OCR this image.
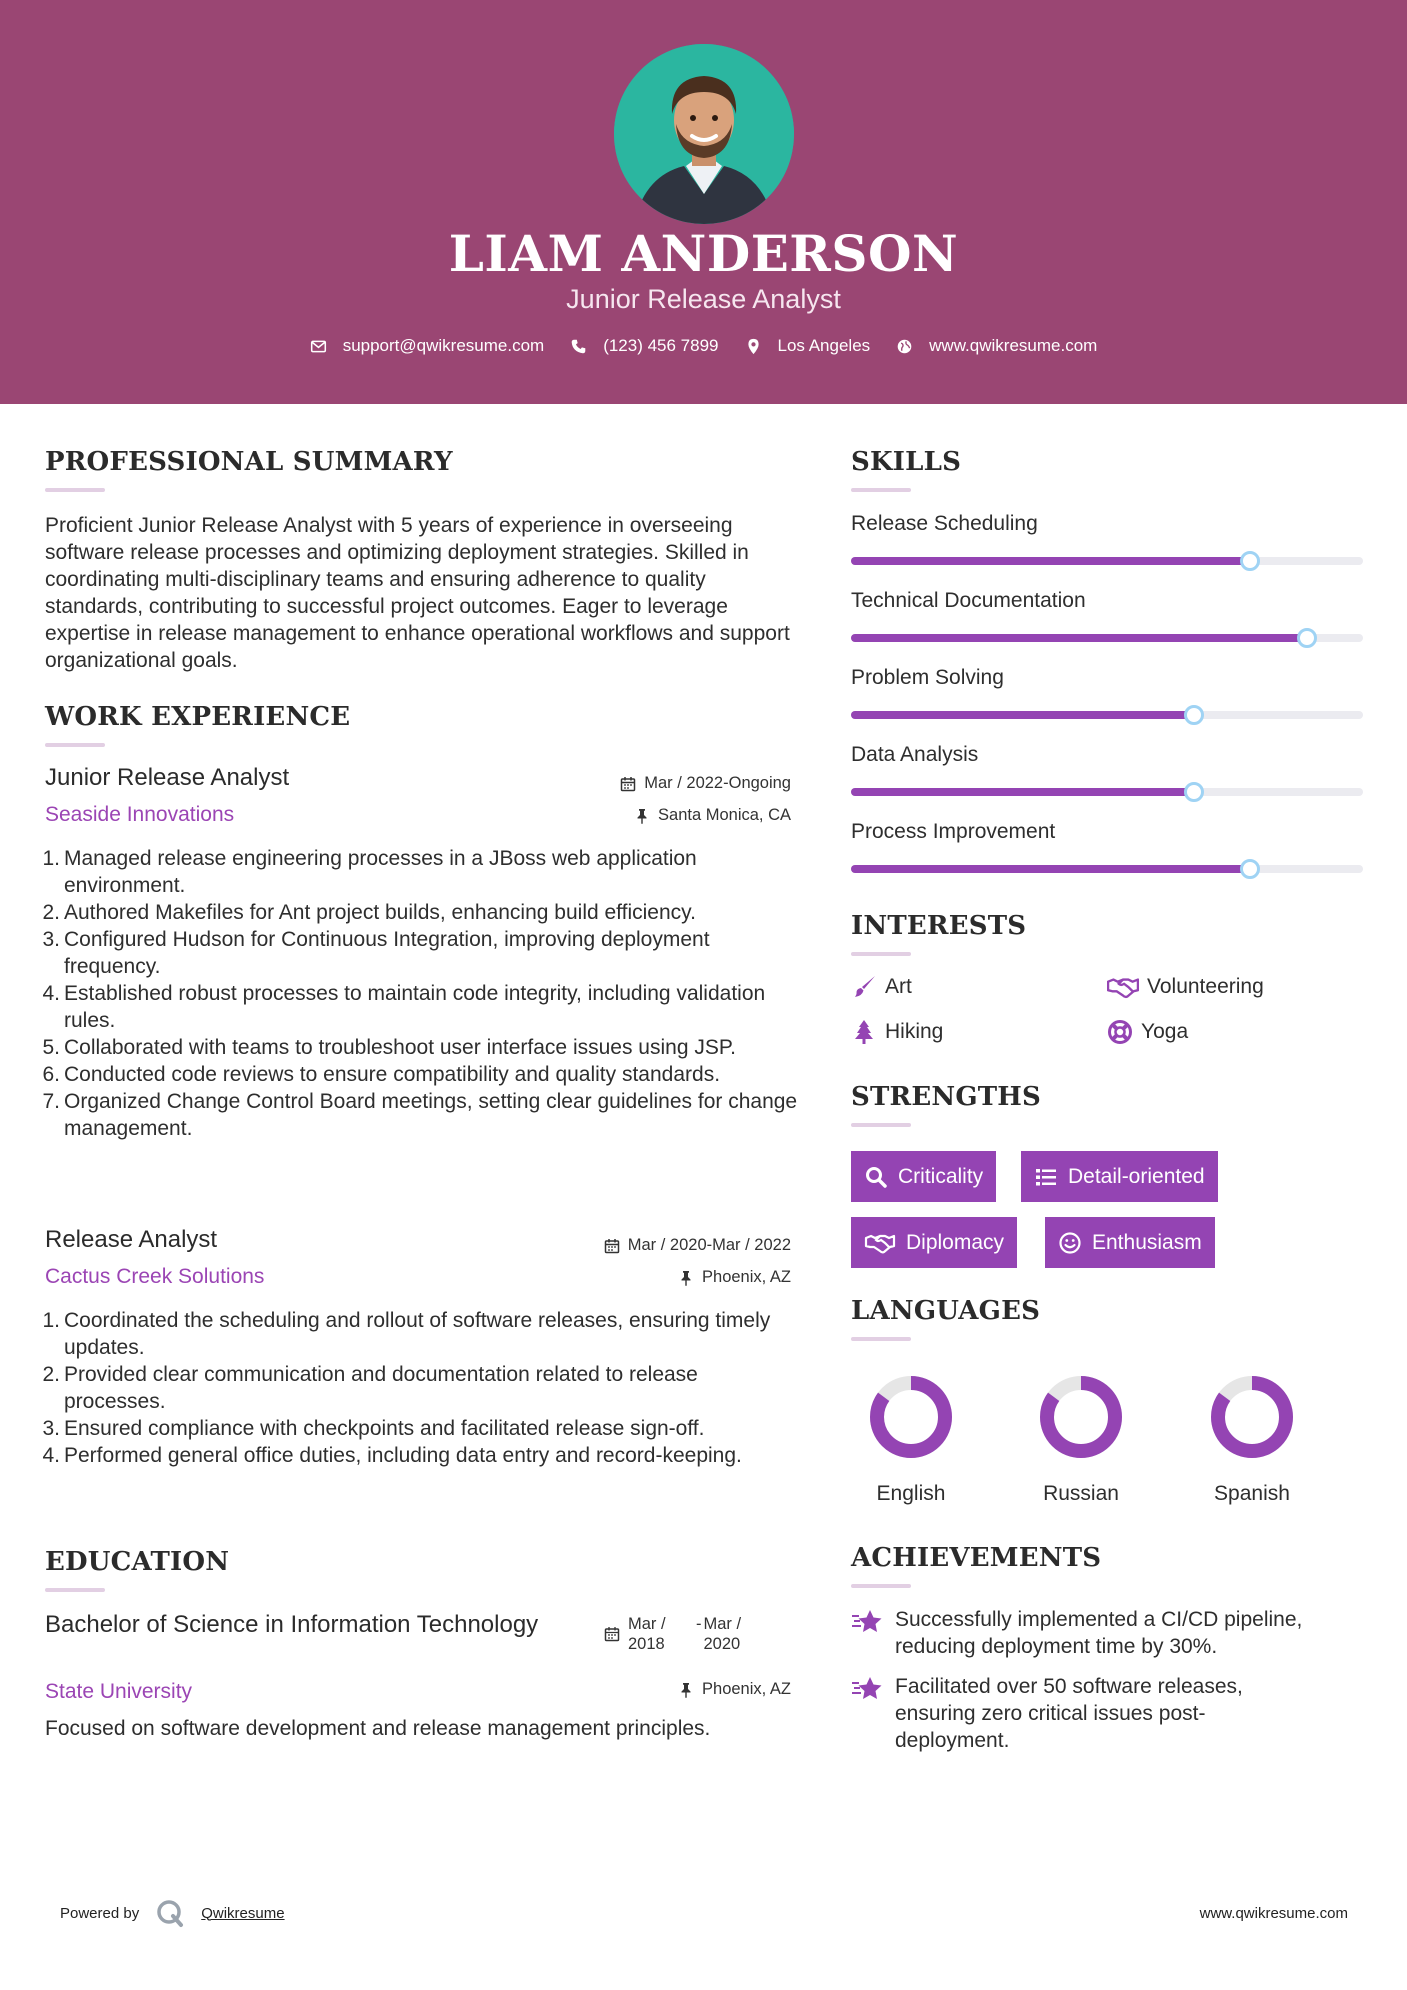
LIAM ANDERSON
Junior Release Analyst
support@qwikresume.com	(123) 456 7899	Los Angeles	www.qwikresume.com
PROFESSIONAL SUMMARY
Proficient Junior Release Analyst with 5 years of experience in overseeing software release processes and optimizing deployment strategies. Skilled in coordinating multi-disciplinary teams and ensuring adherence to quality standards, contributing to successful project outcomes. Eager to leverage expertise in release management to enhance operational workflows and support organizational goals.
WORK EXPERIENCE
Junior Release Analyst	Mar / 2022-Ongoing
Seaside Innovations	Santa Monica, CA
1. Managed release engineering processes in a JBoss web application environment.
2. Authored Makefiles for Ant project builds, enhancing build efficiency.
3. Configured Hudson for Continuous Integration, improving deployment frequency.
4. Established robust processes to maintain code integrity, including validation rules.
5. Collaborated with teams to troubleshoot user interface issues using JSP.
6. Conducted code reviews to ensure compatibility and quality standards.
7. Organized Change Control Board meetings, setting clear guidelines for change management.
Release Analyst	Mar / 2020-Mar / 2022
Cactus Creek Solutions	Phoenix, AZ
1. Coordinated the scheduling and rollout of software releases, ensuring timely updates.
2. Provided clear communication and documentation related to release processes.
3. Ensured compliance with checkpoints and facilitated release sign-off.
4. Performed general office duties, including data entry and record-keeping.
EDUCATION
Bachelor of Science in Information Technology	Mar / 2018
- Mar / 2020
State University	Phoenix, AZ
Focused on software development and release management principles.
SKILLS
Release Scheduling
Technical Documentation
Problem Solving
Data Analysis
Process Improvement
INTERESTS
Art	Volunteering
Hiking	Yoga
STRENGTHS
Criticality	Detail-oriented
Diplomacy	Enthusiasm
LANGUAGES
English	Russian	Spanish
ACHIEVEMENTS
Successfully implemented a CI/CD pipeline, reducing deployment time by 30%.
Facilitated over 50 software releases, ensuring zero critical issues post-deployment.
Powered by	Qwikresume	www.qwikresume.com
